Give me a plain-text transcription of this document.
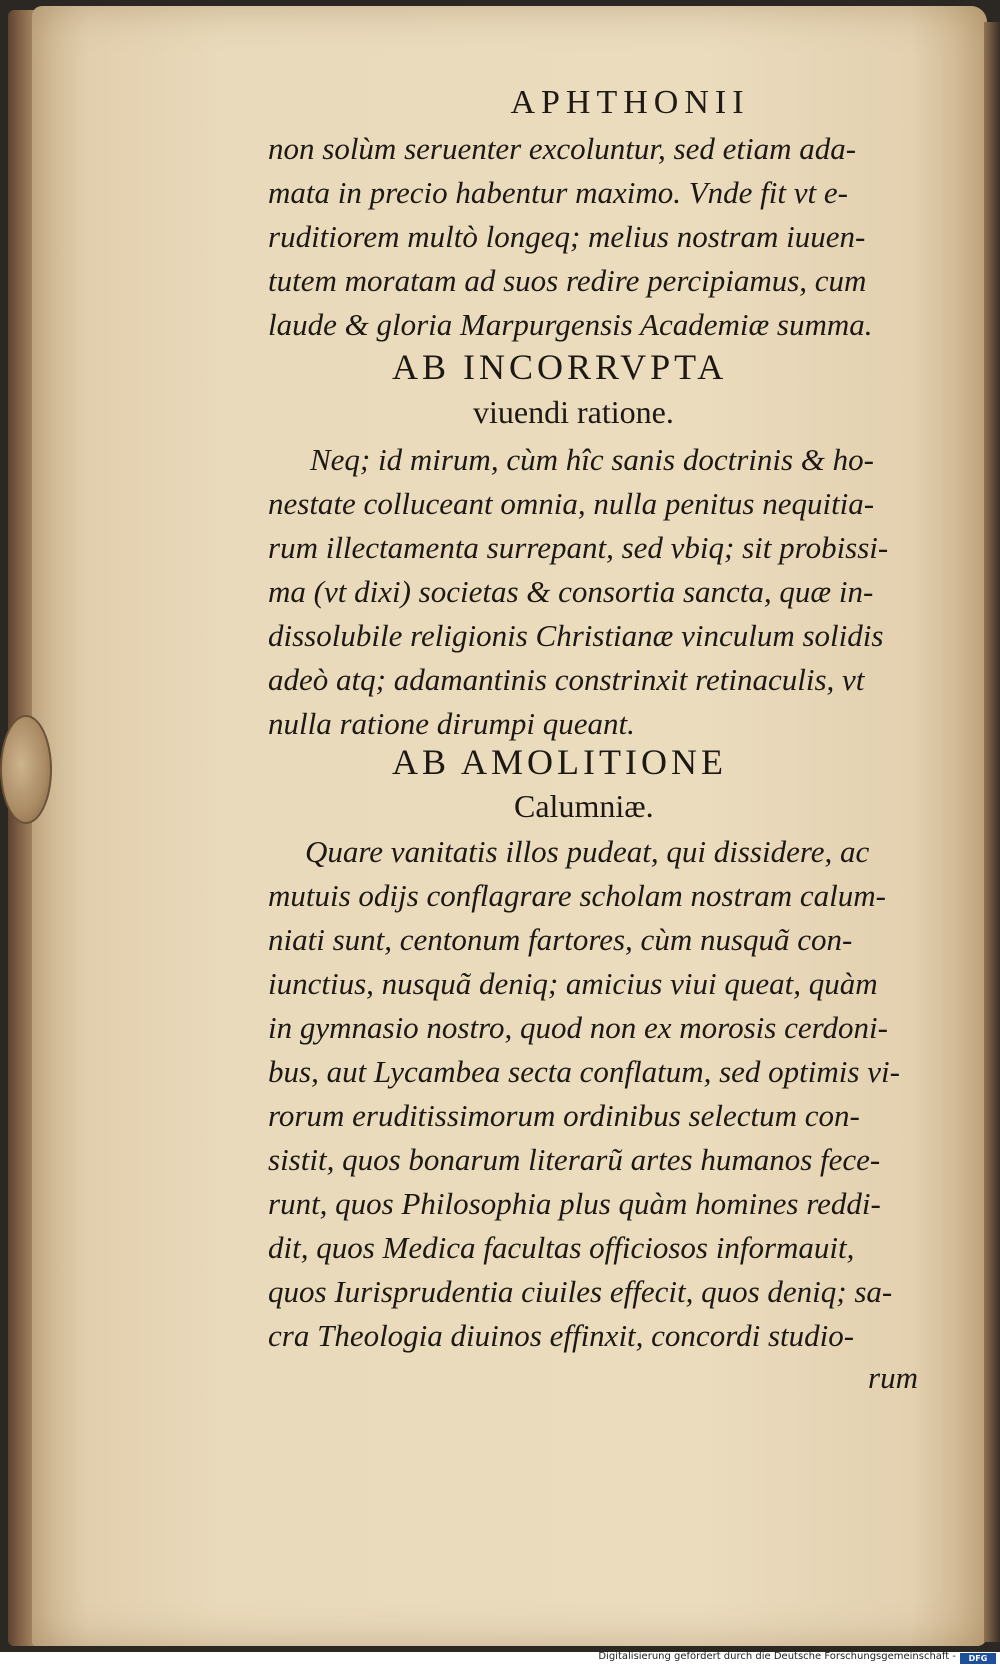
APHTHONII
non solùm seruenter excoluntur, sed etiam ada-
mata in precio habentur maximo. Vnde fit vt e-
ruditiorem multò longeq; melius nostram iuuen-
tutem moratam ad suos redire percipiamus, cum
laude & gloria Marpurgensis Academiæ summa.
AB INCORRVPTA
viuendi ratione.
Neq; id mirum, cùm hîc sanis doctrinis & ho-
nestate colluceant omnia, nulla penitus nequitia-
rum illectamenta surrepant, sed vbiq; sit probissi-
ma (vt dixi) societas & consortia sancta, quæ in-
dissolubile religionis Christianæ vinculum solidis
adeò atq; adamantinis constrinxit retinaculis, vt
nulla ratione dirumpi queant.
AB AMOLITIONE
Calumniæ.
Quare vanitatis illos pudeat, qui dissidere, ac
mutuis odijs conflagrare scholam nostram calum-
niati sunt, centonum fartores, cùm nusquã con-
iunctius, nusquã deniq; amicius viui queat, quàm
in gymnasio nostro, quod non ex morosis cerdoni-
bus, aut Lycambea secta conflatum, sed optimis vi-
rorum eruditissimorum ordinibus selectum con-
sistit, quos bonarum literarũ artes humanos fece-
runt, quos Philosophia plus quàm homines reddi-
dit, quos Medica facultas officiosos informauit,
quos Iurisprudentia ciuiles effecit, quos deniq; sa-
cra Theologia diuinos effinxit, concordi studio-
rum
Digitalisierung gefördert durch die Deutsche Forschungsgemeinschaft -	DFG
